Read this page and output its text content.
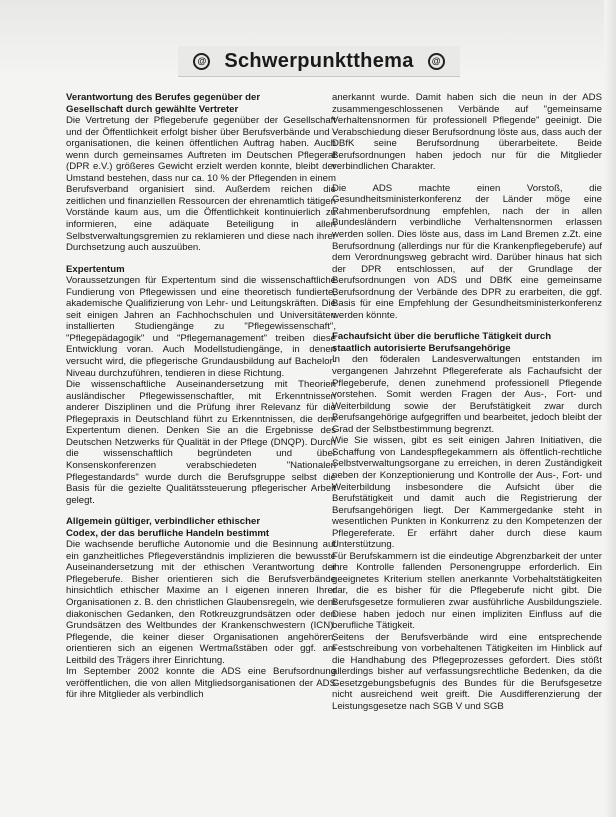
@ Schwerpunktthema	@

Verantwortung des Berufes gegenüber der
Gesellschaft durch gewählte Vertreter

Die Vertretung der Pflegeberufe gegenüber der Gesellschaft und der Öffentlichkeit erfolgt bisher über Berufsverbände und -organisationen, die keinen öffentlichen Auftrag haben. Auch wenn durch gemeinsames Auftreten im Deutschen Pflegerat (DPR e.V.) größeres Gewicht erzielt werden konnte, bleibt der Umstand bestehen, dass nur ca. 10 % der Pflegenden in einem Berufsverband organisiert sind. Außerdem reichen die zeitlichen und finanziellen Ressourcen der ehrenamtlich tätigen Vorstände kaum aus, um die Öffentlichkeit kontinuierlich zu informieren, eine adäquate Beteiligung in allen Selbstverwaltungsgremien zu reklamieren und diese nach ihrer Durchsetzung auch auszuüben.

Expertentum

Voraussetzungen für Expertentum sind die wissenschaftliche Fundierung von Pflegewissen und eine theoretisch fundierte, akademische Qualifizierung von Lehr- und Leitungskräften. Die seit einigen Jahren an Fachhochschulen und Universitäten installierten Studiengänge zu "Pflegewissenschaft", "Pflegepädagogik" und "Pflegemanagement" treiben diese Entwicklung voran. Auch Modellstudiengänge, in denen versucht wird, die pflegerische Grundausbildung auf Bachelor-Niveau durchzuführen, tendieren in diese Richtung.
Die wissenschaftliche Auseinandersetzung mit Theorien ausländischer Pflegewissenschaftler, mit Erkenntnissen anderer Disziplinen und die Prüfung ihrer Relevanz für die Pflegepraxis in Deutschland führt zu Erkenntnissen, die dem Expertentum dienen. Denken Sie an die Ergebnisse des Deutschen Netzwerks für Qualität in der Pflege (DNQP). Durch die wissenschaftlich begründeten und über Konsenskonferenzen verabschiedeten "Nationalen Pflegestandards" wurde durch die Berufsgruppe selbst die Basis für die gezielte Qualitätssteuerung pflegerischer Arbeit gelegt.

Allgemein gültiger, verbindlicher ethischer
Codex, der das berufliche Handeln bestimmt

Die wachsende berufliche Autonomie und die Besinnung auf ein ganzheitliches Pflegeverständnis implizieren die bewusste Auseinandersetzung mit der ethischen Verantwortung der Pflegeberufe. Bisher orientieren sich die Berufsverbände hinsichtlich ethischer Maxime an l eigenen inneren Ihrer Organisationen z. B. den christlichen Glaubensregeln, wie dem diakonischen Gedanken, den Rotkreuzgrundsätzen oder den Grundsätzen des Weltbundes der Krankenschwestern (ICN). Pflegende, die keiner dieser Organisationen angehören, orientieren sich an eigenen Wertmaßstäben oder ggf. am Leitbild des Trägers ihrer Einrichtung.
Im September 2002 konnte die ADS eine Berufsordnung veröffentlichen, die von allen Mitgliedsorganisationen der ADS für ihre Mitglieder als verbindlich

anerkannt wurde. Damit haben sich die neun in der ADS zusammengeschlossenen Verbände auf "gemeinsame Verhaltensnormen für professionell Pflegende" geeinigt. Die Verabschiedung dieser Berufsordnung löste aus, dass auch der DBfK seine Berufsordnung überarbeitete. Beide Berufsordnungen haben jedoch nur für die Mitglieder verbindlichen Charakter.

Die ADS machte einen Vorstoß, die Gesundheitsministerkonferenz der Länder möge eine Rahmenberufsordnung empfehlen, nach der in allen Bundesländern verbindliche Verhaltensnormen erlassen werden sollen. Dies löste aus, dass im Land Bremen z.Zt. eine Berufsordnung (allerdings nur für die Krankenpflegeberufe) auf dem Verordnungsweg gebracht wird. Darüber hinaus hat sich der DPR entschlossen, auf der Grundlage der Berufsordnungen von ADS und DBfK eine gemeinsame Berufsordnung der Verbände des DPR zu erarbeiten, die ggf. Basis für eine Empfehlung der Gesundheitsministerkonferenz werden könnte.

Fachaufsicht über die berufliche Tätigkeit durch
staatlich autorisierte Berufsangehörige

In den föderalen Landesverwaltungen entstanden im vergangenen Jahrzehnt Pflegereferate als Fachaufsicht der Pflegeberufe, denen zunehmend professionell Pflegende vorstehen. Somit werden Fragen der Aus-, Fort- und Weiterbildung sowie der Berufstätigkeit zwar durch Berufsangehörige aufgegriffen und bearbeitet, jedoch bleibt der Grad der Selbstbestimmung begrenzt.
Wie Sie wissen, gibt es seit einigen Jahren Initiativen, die Schaffung von Landespflegekammern als öffentlich-rechtliche Selbstverwaltungsorgane zu erreichen, in deren Zuständigkeit neben der Konzeptionierung und Kontrolle der Aus-, Fort- und Weiterbildung insbesondere die Aufsicht über die Berufstätigkeit und damit auch die Registrierung der Berufsangehörigen liegt. Der Kammergedanke steht in wesentlichen Punkten in Konkurrenz zu den Kompetenzen der Pflegereferate. Er erfährt daher durch diese kaum Unterstützung.
Für Berufskammern ist die eindeutige Abgrenzbarkeit der unter ihre Kontrolle fallenden Personengruppe erforderlich. Ein geeignetes Kriterium stellen anerkannte Vorbehaltstätigkeiten dar, die es bisher für die Pflegeberufe nicht gibt. Die Berufsgesetze formulieren zwar ausführliche Ausbildungsziele. Diese haben jedoch nur einen impliziten Einfluss auf die berufliche Tätigkeit.
Seitens der Berufsverbände wird eine entsprechende Festschreibung von vorbehaltenen Tätigkeiten im Hinblick auf die Handhabung des Pflegeprozesses gefordert. Dies stößt allerdings bisher auf verfassungsrechtliche Bedenken, da die Gesetzgebungsbefugnis des Bundes für die Berufsgesetze nicht ausreichend weit greift. Die Ausdifferenzierung der Leistungsgesetze nach SGB V und SGB
